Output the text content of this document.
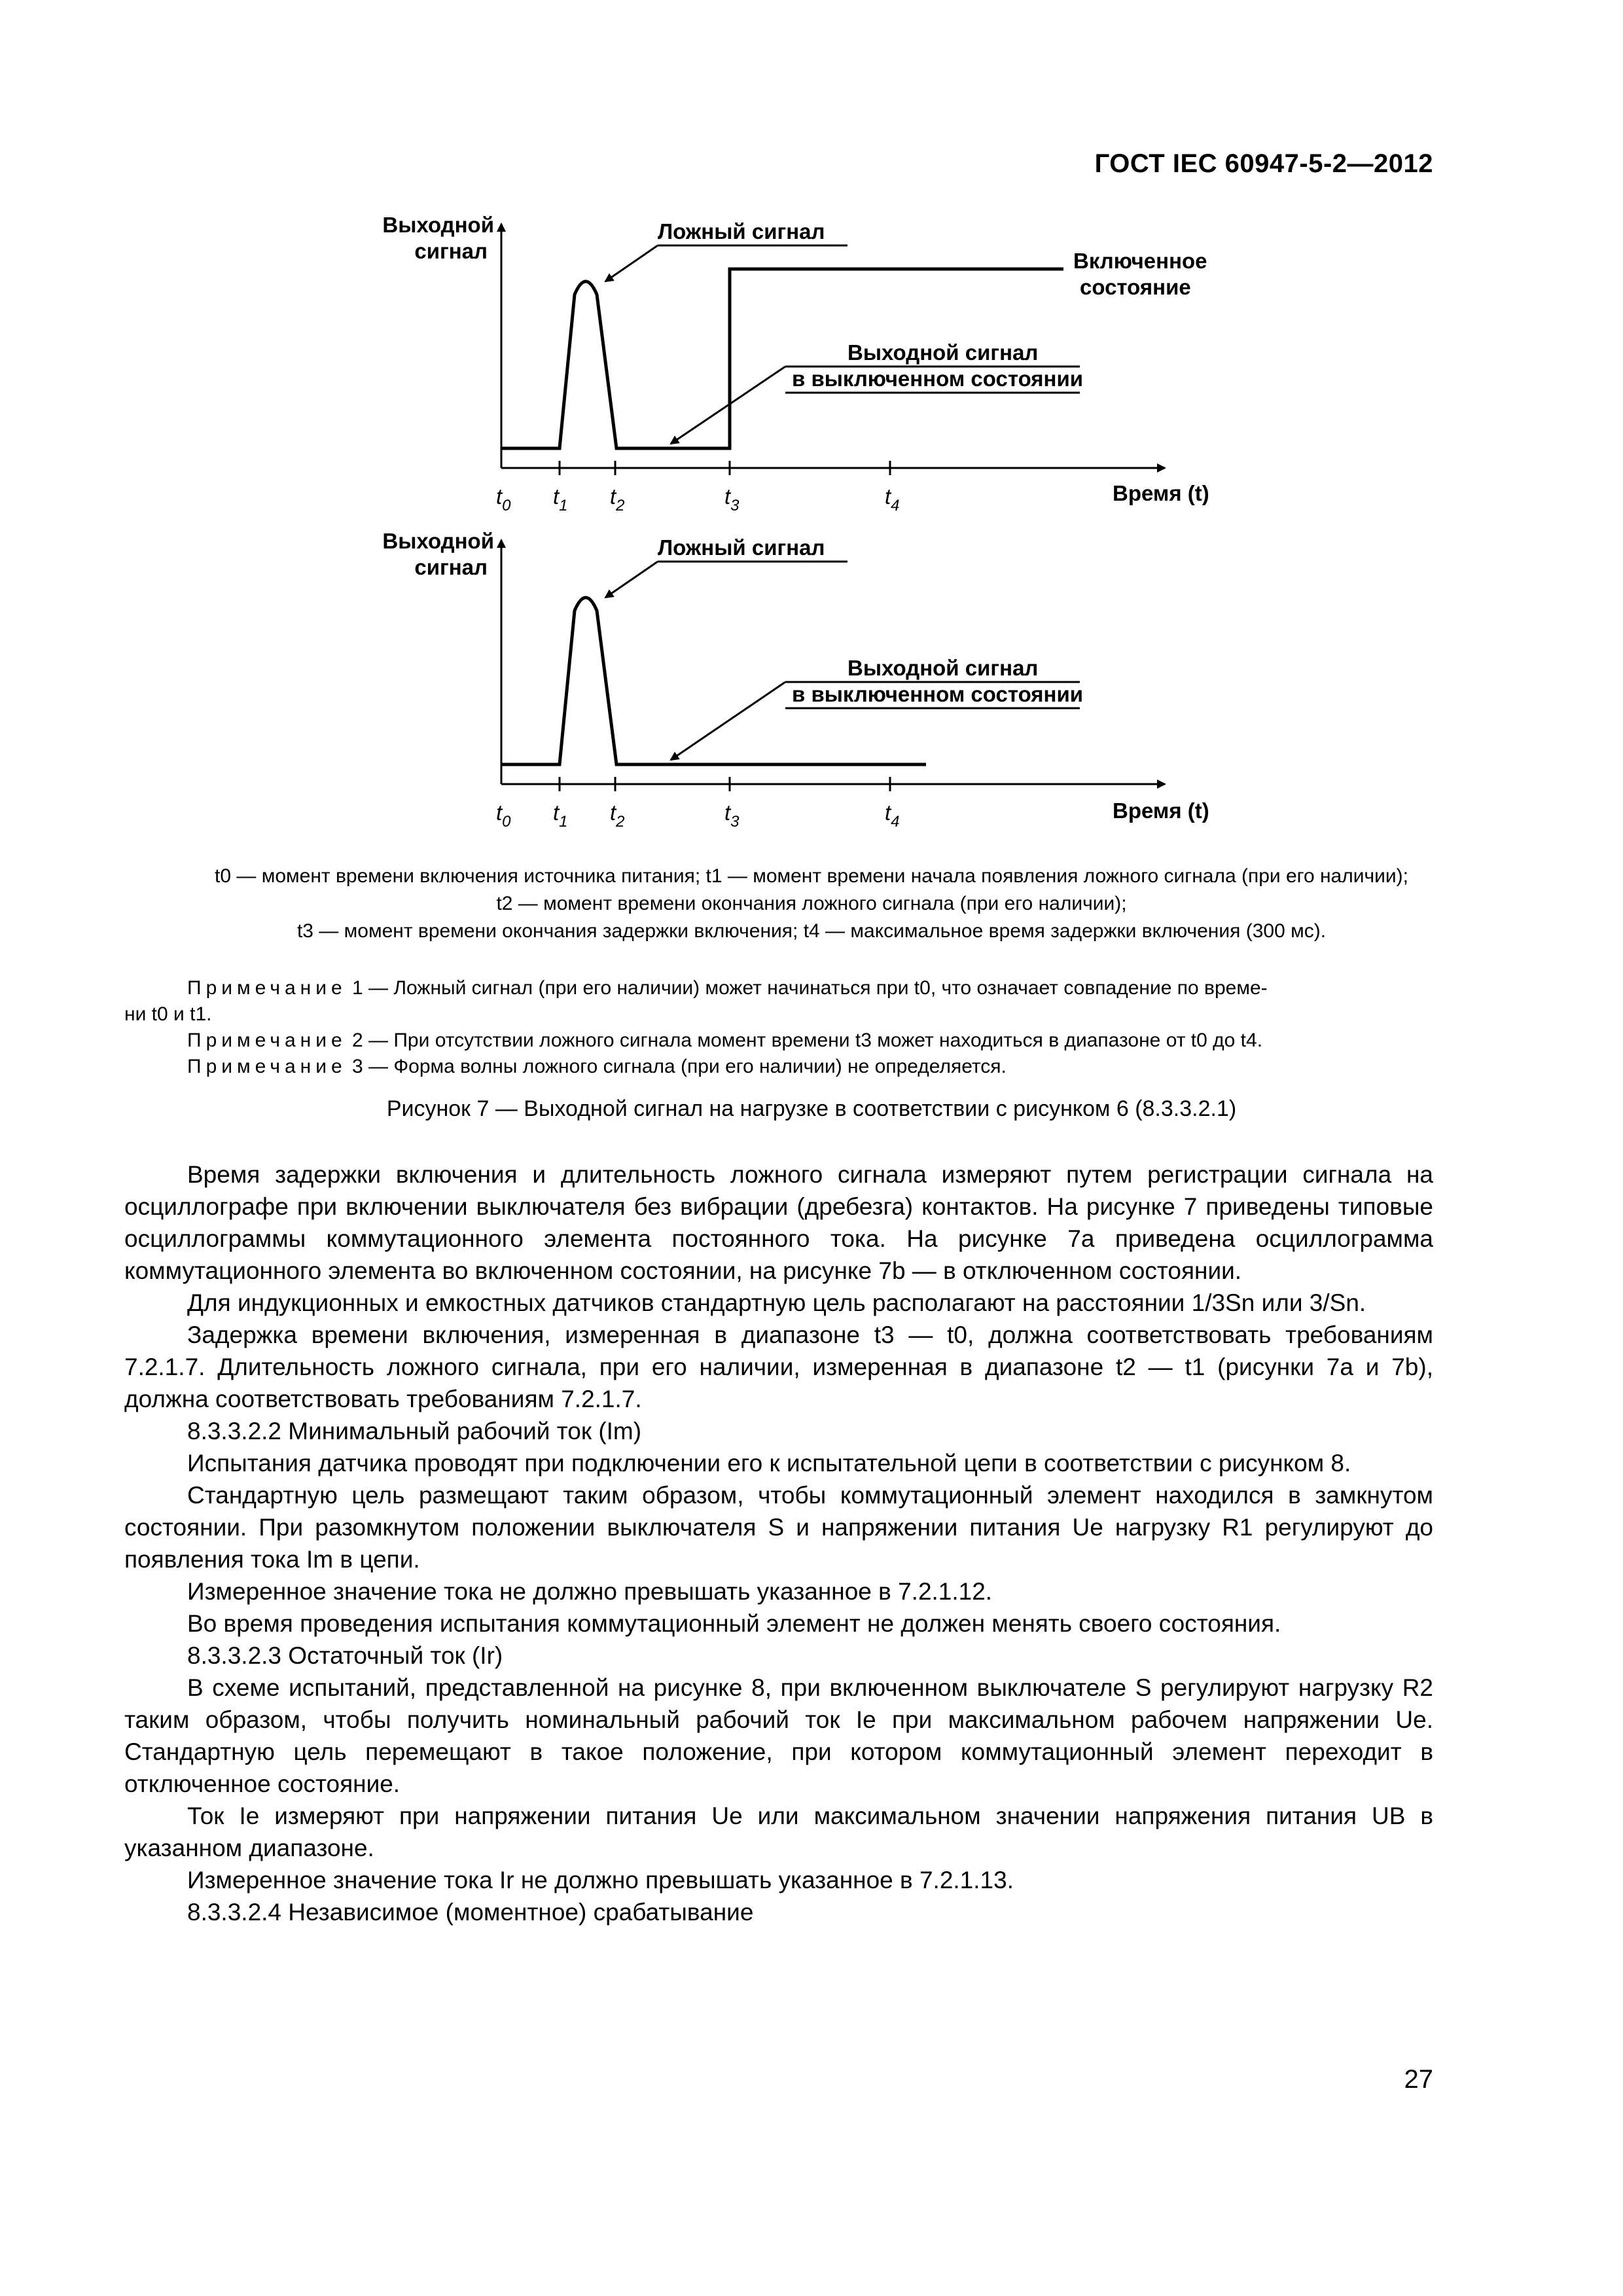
ГОСТ IEC 60947-5-2—2012
Выходной
сигнал
Время (t)
Ложный сигнал
Включенное
состояние
Выходной сигнал
в выключенном состоянии
$t_0$ $t_1$ $t_2$	$t_3$	$t_4$
Выходной
сигнал
Время (t)
Ложный сигнал
Выходной сигнал
в выключенном состоянии
$t_0$ $t_1$ $t_2$	$t_3$	$t_4$
t0 — момент времени включения источника питания; t1 — момент времени начала появления ложного сигнала (при его наличии);
t2 — момент времени окончания ложного сигнала (при его наличии);
t3 — момент времени окончания задержки включения; t4 — максимальное время задержки включения (300 мс).

Примечание 1 — Ложный сигнал (при его наличии) может начинаться при t0, что означает совпадение по време-

ни t0 и t1.

Примечание 2 — При отсутствии ложного сигнала момент времени t3 может находиться в диапазоне от t0 до t4.

Примечание 3 — Форма волны ложного сигнала (при его наличии) не определяется.

Рисунок 7 — Выходной сигнал на нагрузке в соответствии с рисунком 6 (8.3.3.2.1)

Время задержки включения и длительность ложного сигнала измеряют путем регистрации сигнала на осциллографе при включении выключателя без вибрации (дребезга) контактов. На рисунке 7 приведены типовые осциллограммы коммутационного элемента постоянного тока. На рисунке 7а приведена осциллограмма коммутационного элемента во включенном состоянии, на рисунке 7b — в отключенном состоянии.

Для индукционных и емкостных датчиков стандартную цель располагают на расстоянии 1/3Sn или 3/Sn.

Задержка времени включения, измеренная в диапазоне t3 — t0, должна соответствовать требованиям 7.2.1.7. Длительность ложного сигнала, при его наличии, измеренная в диапазоне t2 — t1 (рисунки 7a и 7b), должна соответствовать требованиям 7.2.1.7.

8.3.3.2.2 Минимальный рабочий ток (Im)

Испытания датчика проводят при подключении его к испытательной цепи в соответствии с рисунком 8.

Стандартную цель размещают таким образом, чтобы коммутационный элемент находился в замкнутом состоянии. При разомкнутом положении выключателя S и напряжении питания Ue нагрузку R1 регулируют до появления тока Im в цепи.

Измеренное значение тока не должно превышать указанное в 7.2.1.12.

Во время проведения испытания коммутационный элемент не должен менять своего состояния.

8.3.3.2.3 Остаточный ток (Ir)

В схеме испытаний, представленной на рисунке 8, при включенном выключателе S регулируют нагрузку R2 таким образом, чтобы получить номинальный рабочий ток Ie при максимальном рабочем напряжении Ue. Стандартную цель перемещают в такое положение, при котором коммутационный элемент переходит в отключенное состояние.

Ток Ie измеряют при напряжении питания Ue или максимальном значении напряжения питания UB в указанном диапазоне.

Измеренное значение тока Ir не должно превышать указанное в 7.2.1.13.

8.3.3.2.4 Независимое (моментное) срабатывание

27
